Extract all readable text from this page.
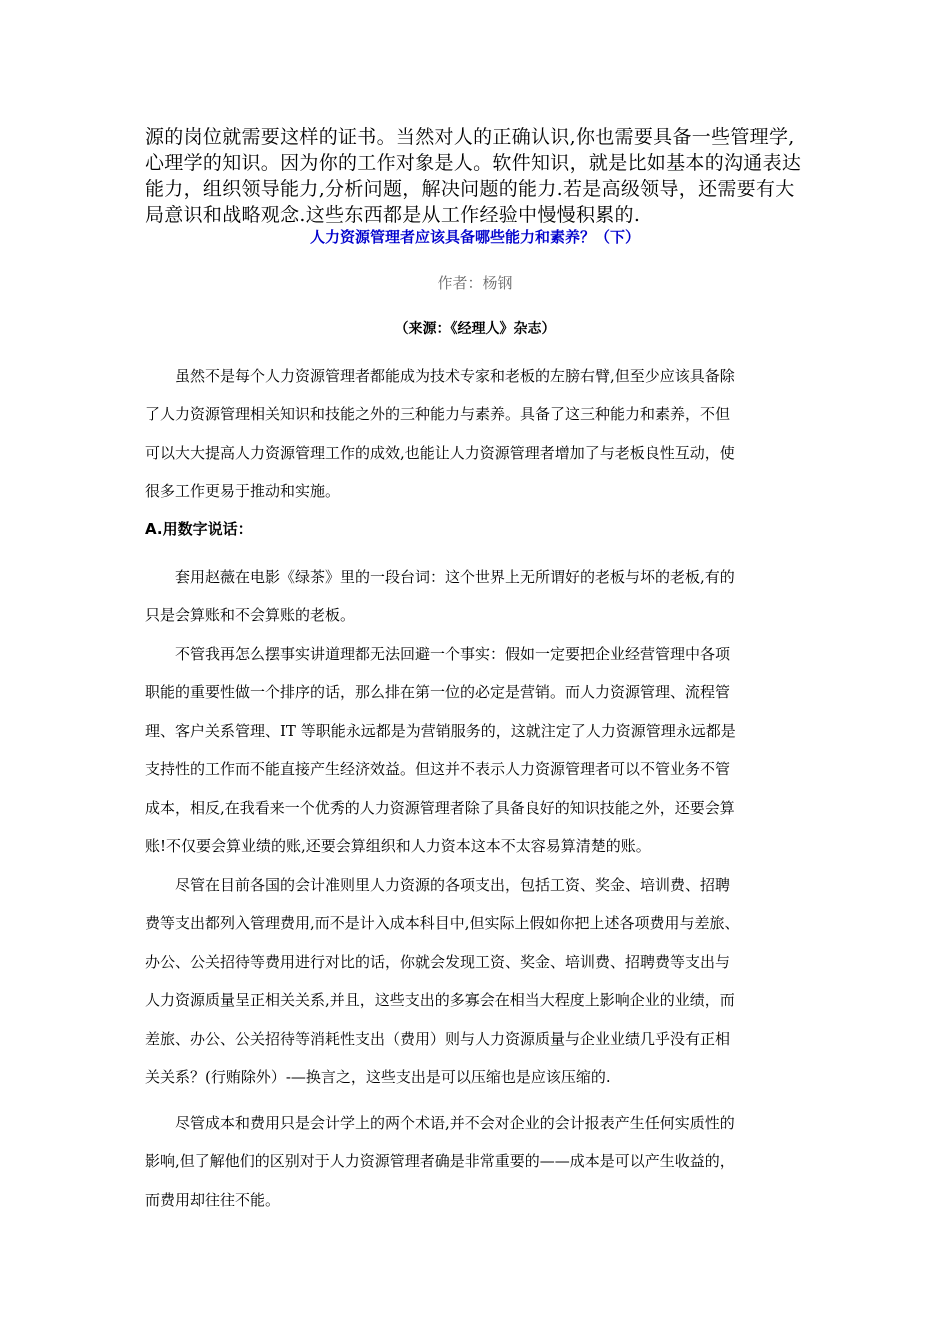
源的岗位就需要这样的证书。当然对人的正确认识,你也需要具备一些管理学,

心理学的知识。因为你的工作对象是人。软件知识，就是比如基本的沟通表达

能力，组织领导能力,分析问题，解决问题的能力.若是高级领导，还需要有大

局意识和战略观念.这些东西都是从工作经验中慢慢积累的.

人力资源管理者应该具备哪些能力和素养？（下）
作者：杨钢
（来源：《经理人》杂志）

　　虽然不是每个人力资源管理者都能成为技术专家和老板的左膀右臂,但至少应该具备除

了人力资源管理相关知识和技能之外的三种能力与素养。具备了这三种能力和素养，不但

可以大大提高人力资源管理工作的成效,也能让人力资源管理者增加了与老板良性互动，使

很多工作更易于推动和实施。

A.用数字说话：

　　套用赵薇在电影《绿茶》里的一段台词：这个世界上无所谓好的老板与坏的老板,有的

只是会算账和不会算账的老板。

　　不管我再怎么摆事实讲道理都无法回避一个事实：假如一定要把企业经营管理中各项

职能的重要性做一个排序的话，那么排在第一位的必定是营销。而人力资源管理、流程管

理、客户关系管理、IT 等职能永远都是为营销服务的，这就注定了人力资源管理永远都是

支持性的工作而不能直接产生经济效益。但这并不表示人力资源管理者可以不管业务不管

成本，相反,在我看来一个优秀的人力资源管理者除了具备良好的知识技能之外，还要会算

账!不仅要会算业绩的账,还要会算组织和人力资本这本不太容易算清楚的账。

　　尽管在目前各国的会计准则里人力资源的各项支出，包括工资、奖金、培训费、招聘

费等支出都列入管理费用,而不是计入成本科目中,但实际上假如你把上述各项费用与差旅、

办公、公关招待等费用进行对比的话，你就会发现工资、奖金、培训费、招聘费等支出与

人力资源质量呈正相关关系,并且，这些支出的多寡会在相当大程度上影响企业的业绩，而

差旅、办公、公关招待等消耗性支出（费用）则与人力资源质量与企业业绩几乎没有正相

关关系？(行贿除外）-—换言之，这些支出是可以压缩也是应该压缩的.

　　尽管成本和费用只是会计学上的两个术语,并不会对企业的会计报表产生任何实质性的

影响,但了解他们的区别对于人力资源管理者确是非常重要的——成本是可以产生收益的，

而费用却往往不能。
